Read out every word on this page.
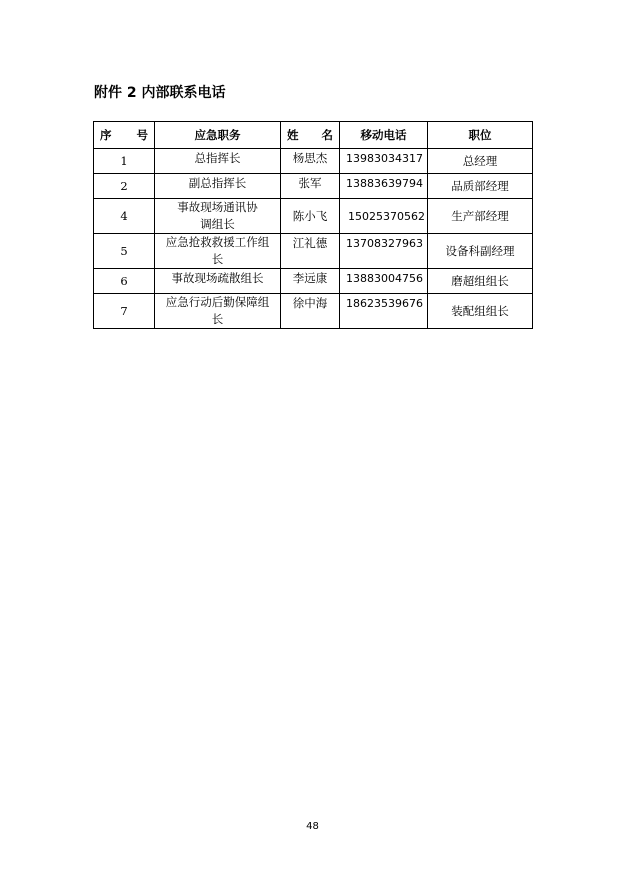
附件 2 内部联系电话
序 号	应急职务	姓 名	移动电话	职位
1	总指挥长	杨思杰	13983034317	总经理
2	副总指挥长	张军	13883639794	品质部经理
4	事故现场通讯协调组长	陈小飞	15025370562	生产部经理
5	应急抢救救援工作组长	江礼德	13708327963	设备科副经理
6	事故现场疏散组长	李远康	13883004756	磨超组组长
7	应急行动后勤保障组长	徐中海	18623539676	装配组组长
48
